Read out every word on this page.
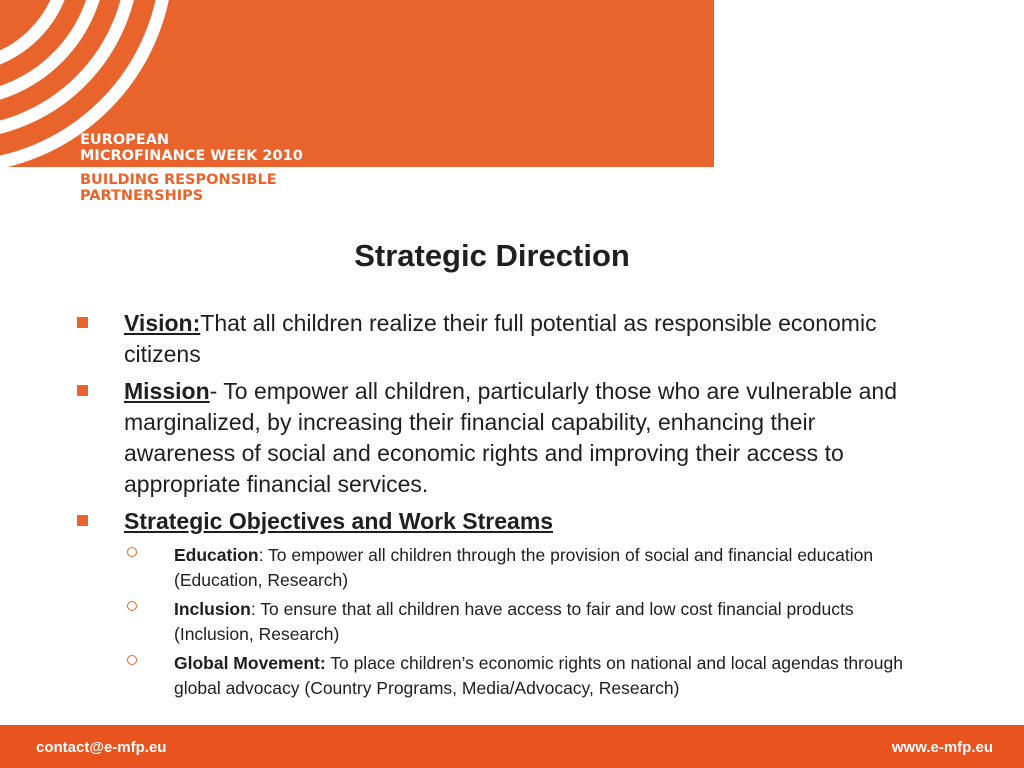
EUROPEAN
MICROFINANCE WEEK 2010
BUILDING RESPONSIBLE
PARTNERSHIPS
Strategic Direction
Vision:That all children realize their full potential as responsible economic citizens
Mission- To empower all children, particularly those who are vulnerable and marginalized, by increasing their financial capability, enhancing their awareness of social and economic rights and improving their access to appropriate financial services.
Strategic Objectives and Work Streams
Education: To empower all children through the provision of social and financial education (Education, Research)
Inclusion: To ensure that all children have access to fair and low cost financial products (Inclusion, Research)
Global Movement: To place children’s economic rights on national and local agendas through global advocacy (Country Programs, Media/Advocacy, Research)
contact@e-mfp.eu	www.e-mfp.eu
